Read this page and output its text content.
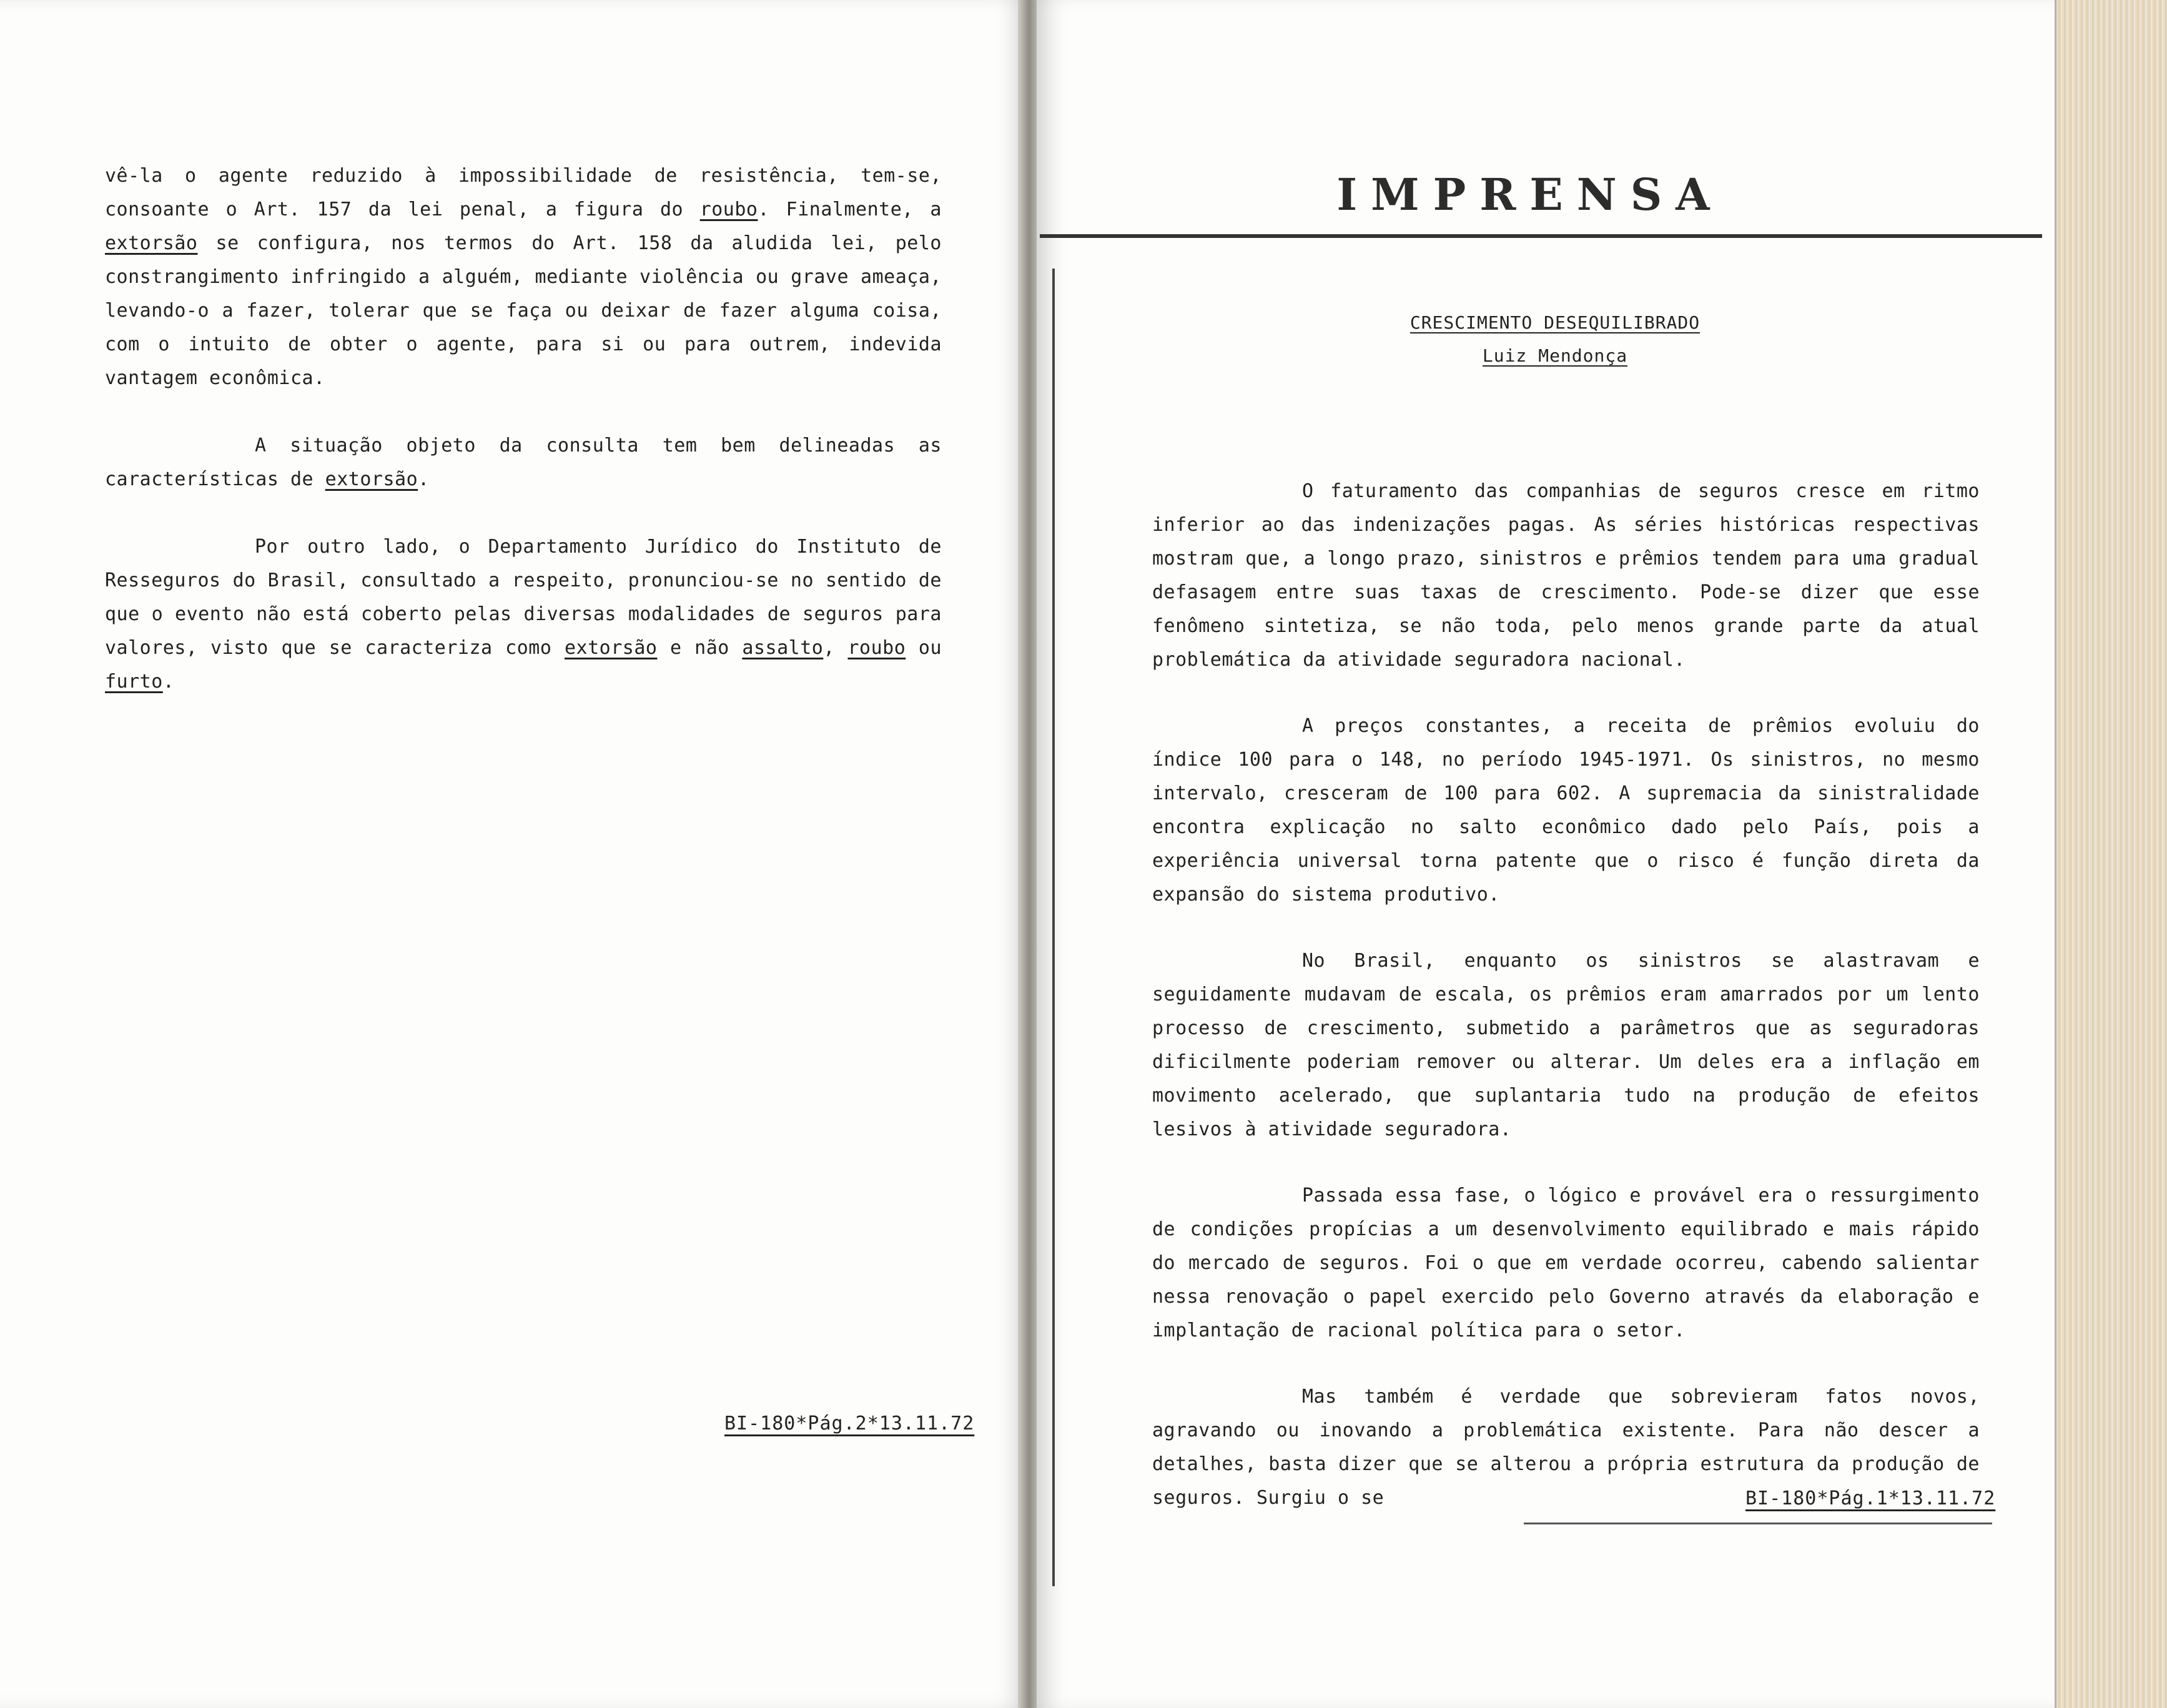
vê-la o agente reduzido à impossibilidade de resistência, tem-se, consoante o Art. 157 da lei penal, a figura do roubo. Finalmente, a extorsão se configura, nos termos do Art. 158 da aludida lei, pelo constrangimento infringido a alguém, mediante violência ou grave ameaça, levando-o a fazer, tolerar que se faça ou deixar de fazer alguma coisa, com o intuito de obter o agente, para si ou para outrem, indevida vantagem econômica.

A situação objeto da consulta tem bem delineadas as características de extorsão.

Por outro lado, o Departamento Jurídico do Instituto de Resseguros do Brasil, consultado a respeito, pronunciou-se no sentido de que o evento não está coberto pelas diversas modalidades de seguros para valores, visto que se caracteriza como extorsão e não assalto, roubo ou furto.

BI-180*Pág.2*13.11.72
IMPRENSA
CRESCIMENTO DESEQUILIBRADO
Luiz Mendonça

O faturamento das companhias de seguros cresce em ritmo inferior ao das indenizações pagas. As séries históricas respectivas mostram que, a longo prazo, sinistros e prêmios tendem para uma gradual defasagem entre suas taxas de crescimento. Pode-se dizer que esse fenômeno sintetiza, se não toda, pelo menos grande parte da atual problemática da atividade seguradora nacional.

A preços constantes, a receita de prêmios evoluiu do índice 100 para o 148, no período 1945-1971. Os sinistros, no mesmo intervalo, cresceram de 100 para 602. A supremacia da sinistralidade encontra explicação no salto econômico dado pelo País, pois a experiência universal torna patente que o risco é função direta da expansão do sistema produtivo.

No Brasil, enquanto os sinistros se alastravam e seguidamente mudavam de escala, os prêmios eram amarrados por um lento processo de crescimento, submetido a parâmetros que as seguradoras dificilmente poderiam remover ou alterar. Um deles era a inflação em movimento acelerado, que suplantaria tudo na produção de efeitos lesivos à atividade seguradora.

Passada essa fase, o lógico e provável era o ressurgimento de condições propícias a um desenvolvimento equilibrado e mais rápido do mercado de seguros. Foi o que em verdade ocorreu, cabendo salientar nessa renovação o papel exercido pelo Governo através da elaboração e implantação de racional política para o setor.

Mas também é verdade que sobrevieram fatos novos, agravando ou inovando a problemática existente. Para não descer a detalhes, basta dizer que se alterou a própria estrutura da produção de seguros. Surgiu o se	BI-180*Pág.1*13.11.72
